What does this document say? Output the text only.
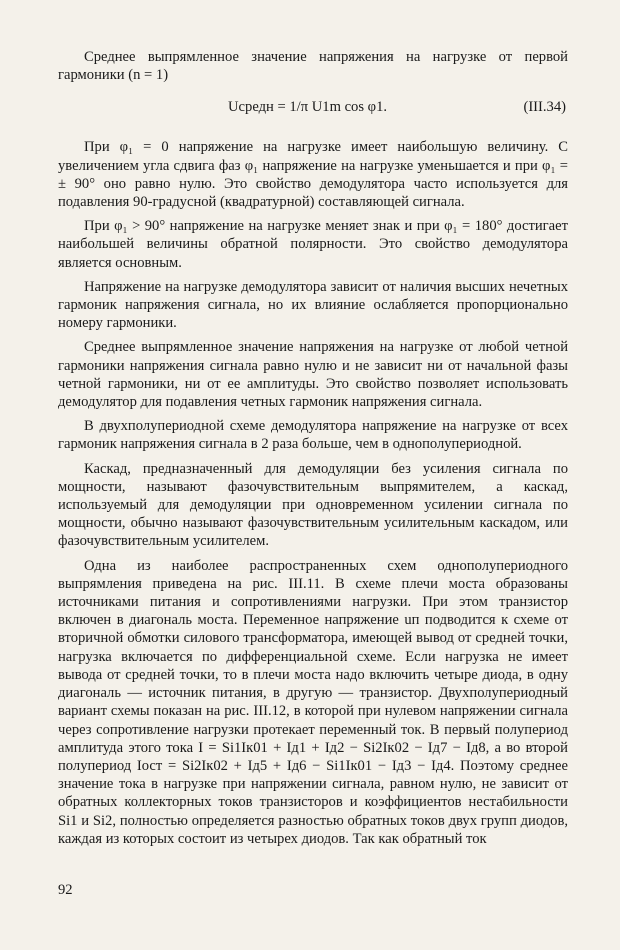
Среднее выпрямленное значение напряжения на нагрузке от первой гармоники (n = 1)

Uсредн = 1/π U1m cos φ1.	(III.34)

При φ₁ = 0 напряжение на нагрузке имеет наибольшую величину. С увеличением угла сдвига фаз φ₁ напряжение на нагрузке уменьшается и при φ₁ = ± 90° оно равно нулю. Это свойство демодулятора часто используется для подавления 90-градусной (квадратурной) составляющей сигнала.

При φ₁ > 90° напряжение на нагрузке меняет знак и при φ₁ = 180° достигает наибольшей величины обратной полярности. Это свойство демодулятора является основным.

Напряжение на нагрузке демодулятора зависит от наличия высших нечетных гармоник напряжения сигнала, но их влияние ослабляется пропорционально номеру гармоники.

Среднее выпрямленное значение напряжения на нагрузке от любой четной гармоники напряжения сигнала равно нулю и не зависит ни от начальной фазы четной гармоники, ни от ее амплитуды. Это свойство позволяет использовать демодулятор для подавления четных гармоник напряжения сигнала.

В двухполупериодной схеме демодулятора напряжение на нагрузке от всех гармоник напряжения сигнала в 2 раза больше, чем в однополупериодной.

Каскад, предназначенный для демодуляции без усиления сигнала по мощности, называют фазочувствительным выпрямителем, а каскад, используемый для демодуляции при одновременном усилении сигнала по мощности, обычно называют фазочувствительным усилительным каскадом, или фазочувствительным усилителем.

Одна из наиболее распространенных схем однополупериодного выпрямления приведена на рис. III.11. В схеме плечи моста образованы источниками питания и сопротивлениями нагрузки. При этом транзистор включен в диагональ моста. Переменное напряжение uп подводится к схеме от вторичной обмотки силового трансформатора, имеющей вывод от средней точки, нагрузка включается по дифференциальной схеме. Если нагрузка не имеет вывода от средней точки, то в плечи моста надо включить четыре диода, в одну диагональ — источник питания, в другую — транзистор. Двухполупериодный вариант схемы показан на рис. III.12, в которой при нулевом напряжении сигнала через сопротивление нагрузки протекает переменный ток. В первый полупериод амплитуда этого тока I = Si1Iк01 + Iд1 + Iд2 − Si2Iк02 − Iд7 − Iд8, а во второй полупериод Iост = Si2Iк02 + Iд5 + Iд6 − Si1Iк01 − Iд3 − Iд4. Поэтому среднее значение тока в нагрузке при напряжении сигнала, равном нулю, не зависит от обратных коллекторных токов транзисторов и коэффициентов нестабильности Si1 и Si2, полностью определяется разностью обратных токов двух групп диодов, каждая из которых состоит из четырех диодов. Так как обратный ток

92
